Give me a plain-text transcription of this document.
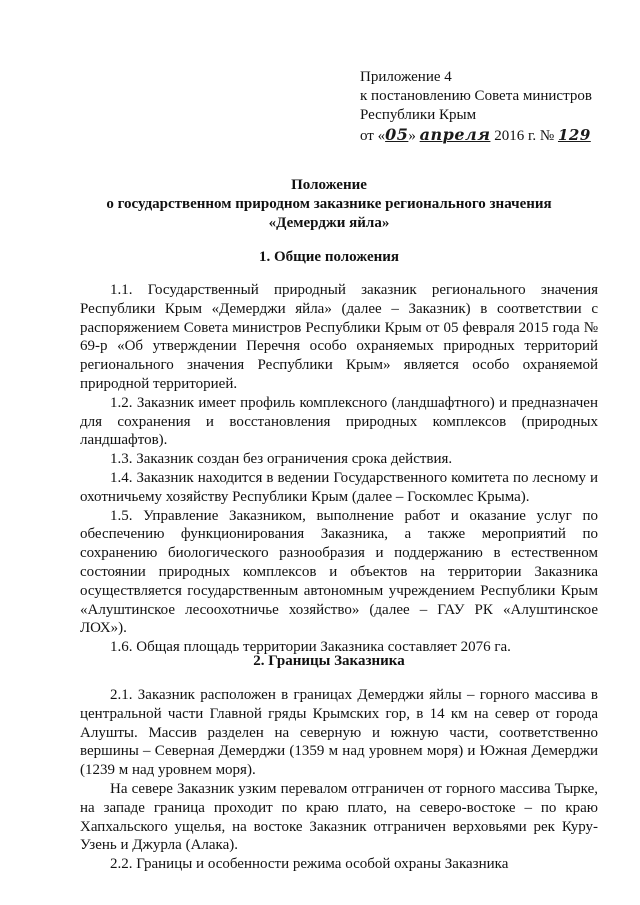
Приложение 4
к постановлению Совета министров
Республики Крым
от «05» апреля 2016 г. № 129
Положение
о государственном природном заказнике регионального значения
«Демерджи яйла»
1. Общие положения

1.1. Государственный природный заказник регионального значения Республики Крым «Демерджи яйла» (далее – Заказник) в соответствии с распоряжением Совета министров Республики Крым от 05 февраля 2015 года № 69-р «Об утверждении Перечня особо охраняемых природных территорий регионального значения Республики Крым» является особо охраняемой природной территорией.

1.2. Заказник имеет профиль комплексного (ландшафтного) и предназначен для сохранения и восстановления природных комплексов (природных ландшафтов).

1.3. Заказник создан без ограничения срока действия.

1.4. Заказник находится в ведении Государственного комитета по лесному и охотничьему хозяйству Республики Крым (далее – Госкомлес Крыма).

1.5. Управление Заказником, выполнение работ и оказание услуг по обеспечению функционирования Заказника, а также мероприятий по сохранению биологического разнообразия и поддержанию в естественном состоянии природных комплексов и объектов на территории Заказника осуществляется государственным автономным учреждением Республики Крым «Алуштинское лесоохотничье хозяйство» (далее – ГАУ РК «Алуштинское ЛОХ»).

1.6. Общая площадь территории Заказника составляет 2076 га.

2. Границы Заказника

2.1. Заказник расположен в границах Демерджи яйлы – горного массива в центральной части Главной гряды Крымских гор, в 14 км на север от города Алушты. Массив разделен на северную и южную части, соответственно вершины – Северная Демерджи (1359 м над уровнем моря) и Южная Демерджи (1239 м над уровнем моря).

На севере Заказник узким перевалом отграничен от горного массива Тырке, на западе граница проходит по краю плато, на северо-востоке – по краю Хапхальского ущелья, на востоке Заказник отграничен верховьями рек Куру-Узень и Джурла (Алака).

2.2. Границы и особенности режима особой охраны Заказника
